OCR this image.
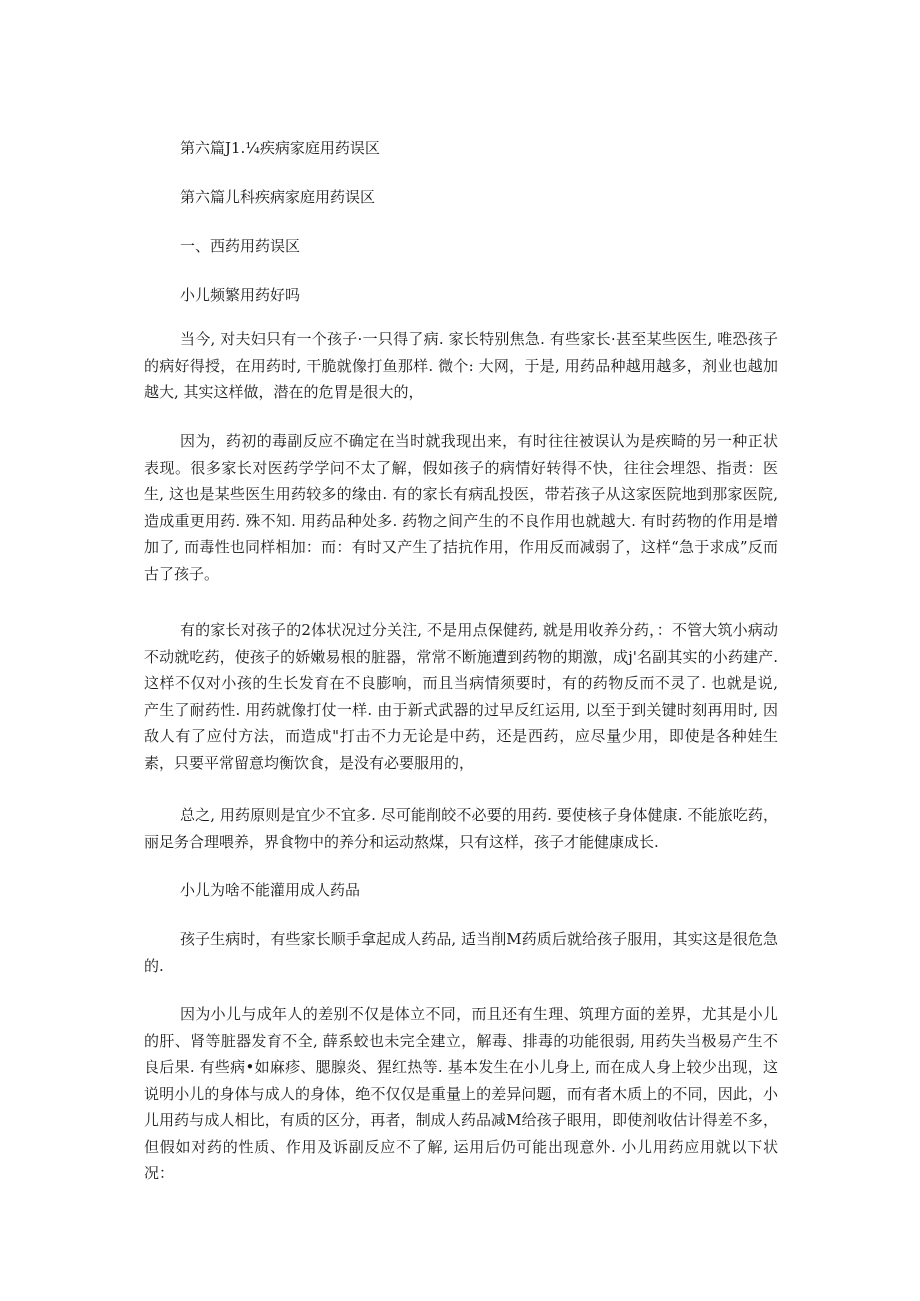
第六篇J1.¼疾病家庭用药误区
第六篇儿科疾病家庭用药误区
一、西药用药误区
小儿频繁用药好吗

当今, 对夫妇只有一个孩子·一只得了病. 家长特别焦急. 有些家长·甚至某些医生, 唯恐孩子的病好得授，在用药时, 干脆就像打鱼那样. 微个: 大网，于是, 用药品种越用越多，剂业也越加越大, 其实这样做，潜在的危胃是很大的，

因为，药初的毒副反应不确定在当时就我现出来，有时往往被误认为是疾畸的另一种正状表现。很多家长对医药学学问不太了解，假如孩子的病情好转得不快，往往会埋怨、指责：医生, 这也是某些医生用药较多的缘由. 有的家长有病乱投医，带若孩子从这家医院地到那家医院, 造成重更用药. 殊不知. 用药品种处多. 药物之间产生的不良作用也就越大. 有时药物的作用是增加了, 而毒性也同样相加：而：有时又产生了拮抗作用，作用反而减弱了，这样“急于求成”反而古了孩子。

有的家长对孩子的2体状况过分关注, 不是用点保健药, 就是用收养分药，：不管大筑小病动不动就吃药，使孩子的娇嫩易根的脏器，常常不断施遭到药物的期激，成j'名副其实的小药建产. 这样不仅对小孩的生长发育在不良膨响，而且当病情须要时，有的药物反而不灵了. 也就是说, 产生了耐药性. 用药就像打仗一样. 由于新式武器的过早反红运用, 以至于到关键时刻再用时, 因敌人有了应付方法，而造成"打击不力无论是中药，还是西药，应尽量少用，即使是各种娃生素，只要平常留意均衡饮食，是没有必要服用的，

总之, 用药原则是宜少不宜多. 尽可能削皎不必要的用药. 要使核子身体健康. 不能旅吃药，丽足务合理喂养，界食物中的养分和运动熬煤，只有这样，孩子才能健康成长.

小儿为啥不能灌用成人药品

孩子生病时，有些家长顺手拿起成人药品, 适当削M药质后就给孩子服用，其实这是很危急的.

因为小儿与成年人的差别不仅是体立不同，而且还有生理、筑理方面的差界，尤其是小儿的肝、肾等脏器发育不全, 薛系蛟也未完全建立，解毒、排毒的功能很弱, 用药失当极易产生不良后果. 有些病•如麻疹、腮腺炎、猩红热等. 基本发生在小儿身上, 而在成人身上较少出现，这说明小儿的身体与成人的身体，绝不仅仅是重量上的差异问题，而有者木质上的不同，因此，小儿用药与成人相比，有质的区分，再者，制成人药品减M给孩子眼用，即使剂收估计得差不多，但假如对药的性质、作用及诉副反应不了解, 运用后仍可能出现意外. 小儿用药应用就以下状况：
